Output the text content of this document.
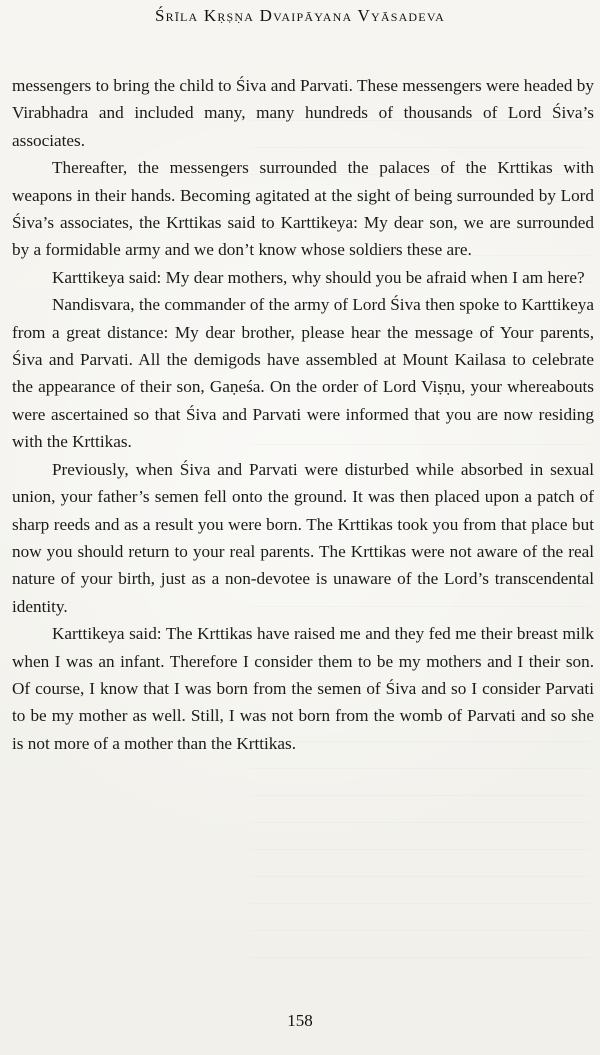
Śrīla Kṛṣṇa Dvaipāyana Vyāsadeva

messengers to bring the child to Śiva and Parvati. These messengers were headed by Virabhadra and included many, many hundreds of thousands of Lord Śiva’s associates.

Thereafter, the messengers surrounded the palaces of the Krttikas with weapons in their hands. Becoming agitated at the sight of being surrounded by Lord Śiva’s associates, the Krttikas said to Karttikeya: My dear son, we are surrounded by a formidable army and we don’t know whose soldiers these are.

Karttikeya said: My dear mothers, why should you be afraid when I am here?

Nandisvara, the commander of the army of Lord Śiva then spoke to Karttikeya from a great distance: My dear brother, please hear the message of Your parents, Śiva and Parvati. All the demigods have assembled at Mount Kailasa to celebrate the appearance of their son, Gaṇeśa. On the order of Lord Viṣṇu, your whereabouts were ascertained so that Śiva and Parvati were informed that you are now residing with the Krttikas.

Previously, when Śiva and Parvati were disturbed while absorbed in sexual union, your father’s semen fell onto the ground. It was then placed upon a patch of sharp reeds and as a result you were born. The Krttikas took you from that place but now you should return to your real parents. The Krttikas were not aware of the real nature of your birth, just as a non-devotee is unaware of the Lord’s transcendental identity.

Karttikeya said: The Krttikas have raised me and they fed me their breast milk when I was an infant. Therefore I consider them to be my mothers and I their son. Of course, I know that I was born from the semen of Śiva and so I consider Parvati to be my mother as well. Still, I was not born from the womb of Parvati and so she is not more of a mother than the Krttikas.

158
